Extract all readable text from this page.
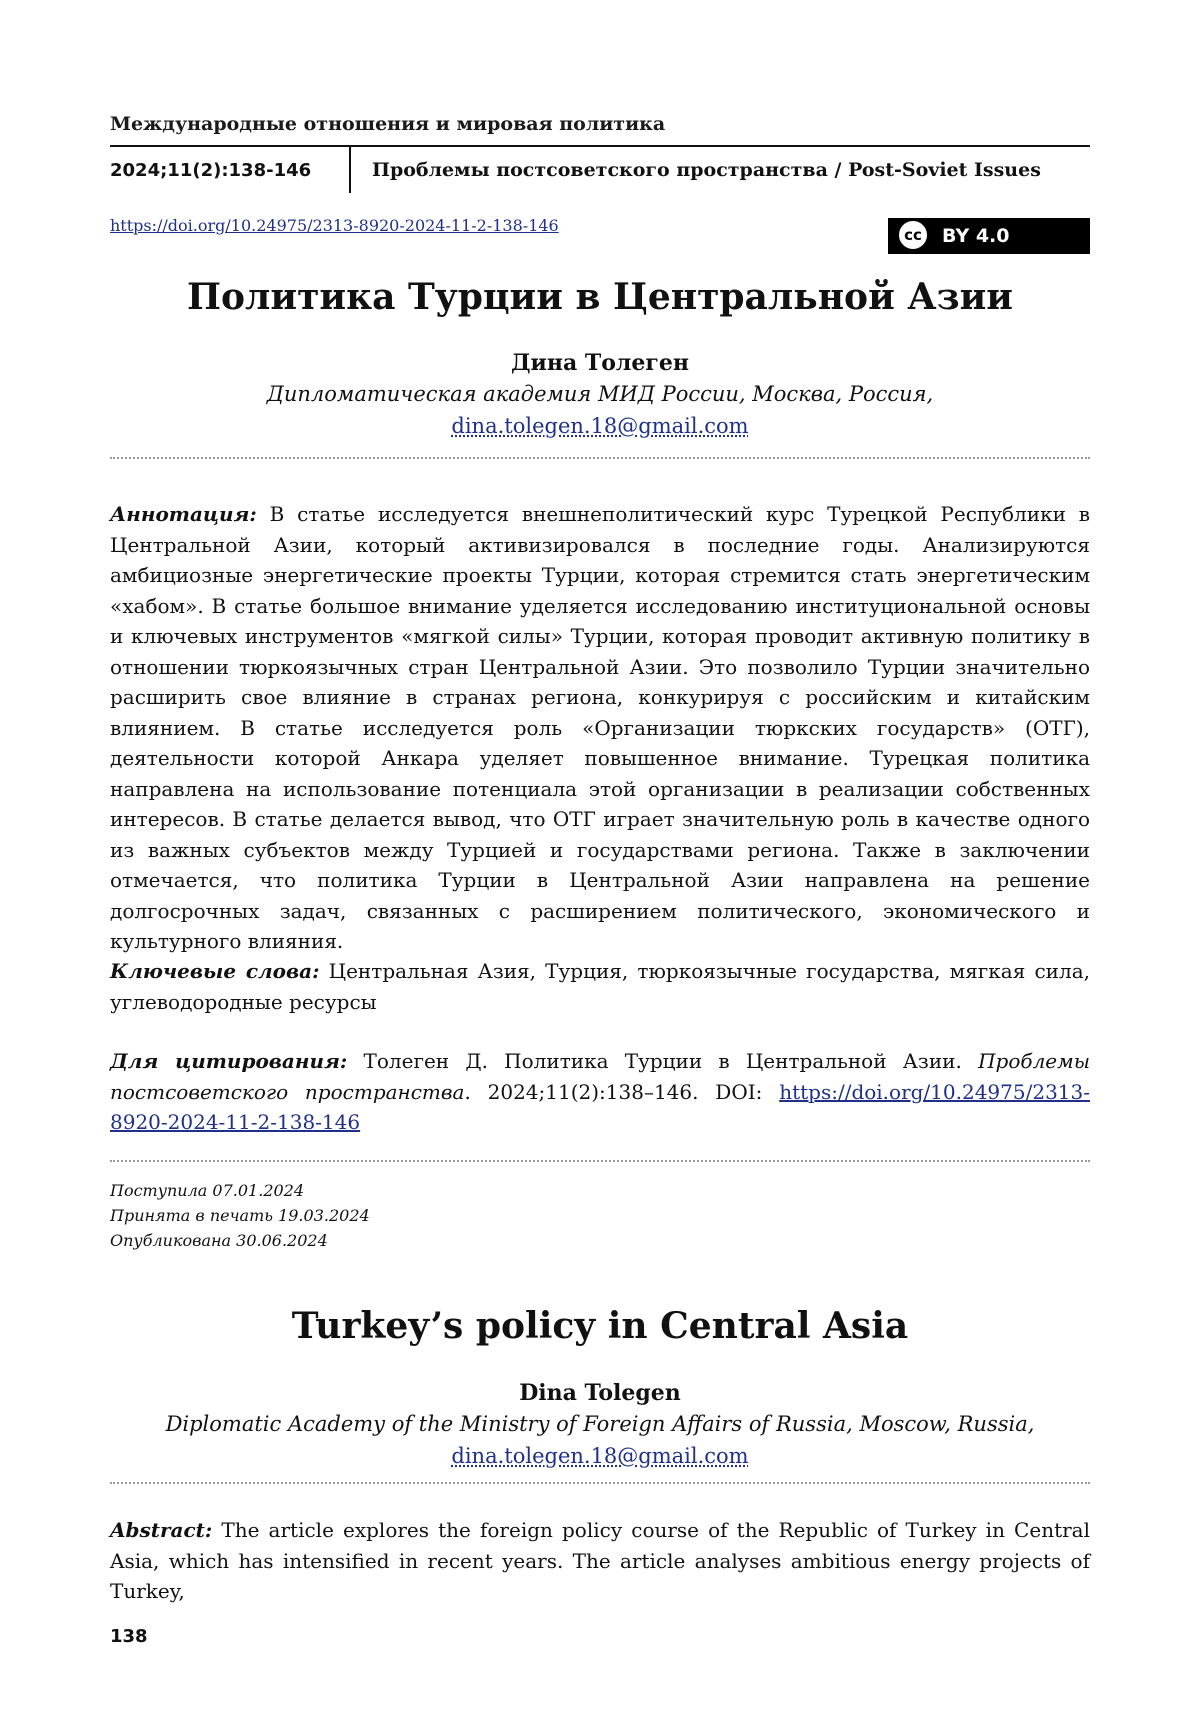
Международные отношения и мировая политика
2024;11(2):138-146	Проблемы постсоветского пространства / Post-Soviet Issues
https://doi.org/10.24975/2313-8920-2024-11-2-138-146	cc	BY 4.0
Политика Турции в Центральной Азии
Дина Толеген
Дипломатическая академия МИД России, Москва, Россия,
dina.tolegen.18@gmail.com
Аннотация: В статье исследуется внешнеполитический курс Турецкой Республики в Центральной Азии, который активизировался в последние годы. Анализируются амбициозные энергетические проекты Турции, которая стремится стать энергетическим «хабом». В статье большое внимание уделяется исследованию институциональной основы и ключевых инструментов «мягкой силы» Турции, которая проводит активную политику в отношении тюркоязычных стран Центральной Азии. Это позволило Турции значительно расширить свое влияние в странах региона, конкурируя с российским и китайским влиянием. В статье исследуется роль «Организации тюркских государств» (ОТГ), деятельности которой Анкара уделяет повышенное внимание. Турецкая политика направлена на использование потенциала этой организации в реализации собственных интересов. В статье делается вывод, что ОТГ играет значительную роль в качестве одного из важных субъектов между Турцией и государствами региона. Также в заключении отмечается, что политика Турции в Центральной Азии направлена на решение долгосрочных задач, связанных с расширением политического, экономического и культурного влияния.
Ключевые слова: Центральная Азия, Турция, тюркоязычные государства, мягкая сила, углеводородные ресурсы
Для цитирования: Толеген Д. Политика Турции в Центральной Азии. Проблемы постсоветского пространства. 2024;11(2):138–146. DOI: https://doi.org/10.24975/2313-8920-2024-11-2-138-146
Поступила 07.01.2024
Принята в печать 19.03.2024
Опубликована 30.06.2024
Turkey’s policy in Central Asia
Dina Tolegen
Diplomatic Academy of the Ministry of Foreign Affairs of Russia, Moscow, Russia,
dina.tolegen.18@gmail.com
Abstract: The article explores the foreign policy course of the Republic of Turkey in Central Asia, which has intensified in recent years. The article analyses ambitious energy projects of Turkey,
138
